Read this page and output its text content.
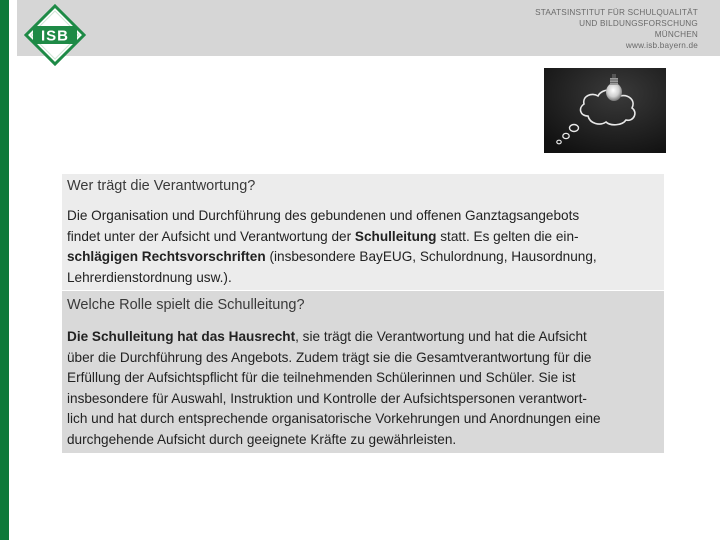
ISB
STAATSINSTITUT FÜR SCHULQUALITÄT
UND BILDUNGSFORSCHUNG
MÜNCHEN
www.isb.bayern.de
Wer trägt die Verantwortung?

Die Organisation und Durchführung des gebundenen und offenen Ganztagsangebots
findet unter der Aufsicht und Verantwortung der Schulleitung statt. Es gelten die ein-
schlägigen Rechtsvorschriften (insbesondere BayEUG, Schulordnung, Hausordnung,
Lehrerdienstordnung usw.).

Welche Rolle spielt die Schulleitung?

Die Schulleitung hat das Hausrecht, sie trägt die Verantwortung und hat die Aufsicht
über die Durchführung des Angebots. Zudem trägt sie die Gesamtverantwortung für die
Erfüllung der Aufsichtspflicht für die teilnehmenden Schülerinnen und Schüler. Sie ist
insbesondere für Auswahl, Instruktion und Kontrolle der Aufsichtspersonen verantwort-
lich und hat durch entsprechende organisatorische Vorkehrungen und Anordnungen eine
durchgehende Aufsicht durch geeignete Kräfte zu gewährleisten.
